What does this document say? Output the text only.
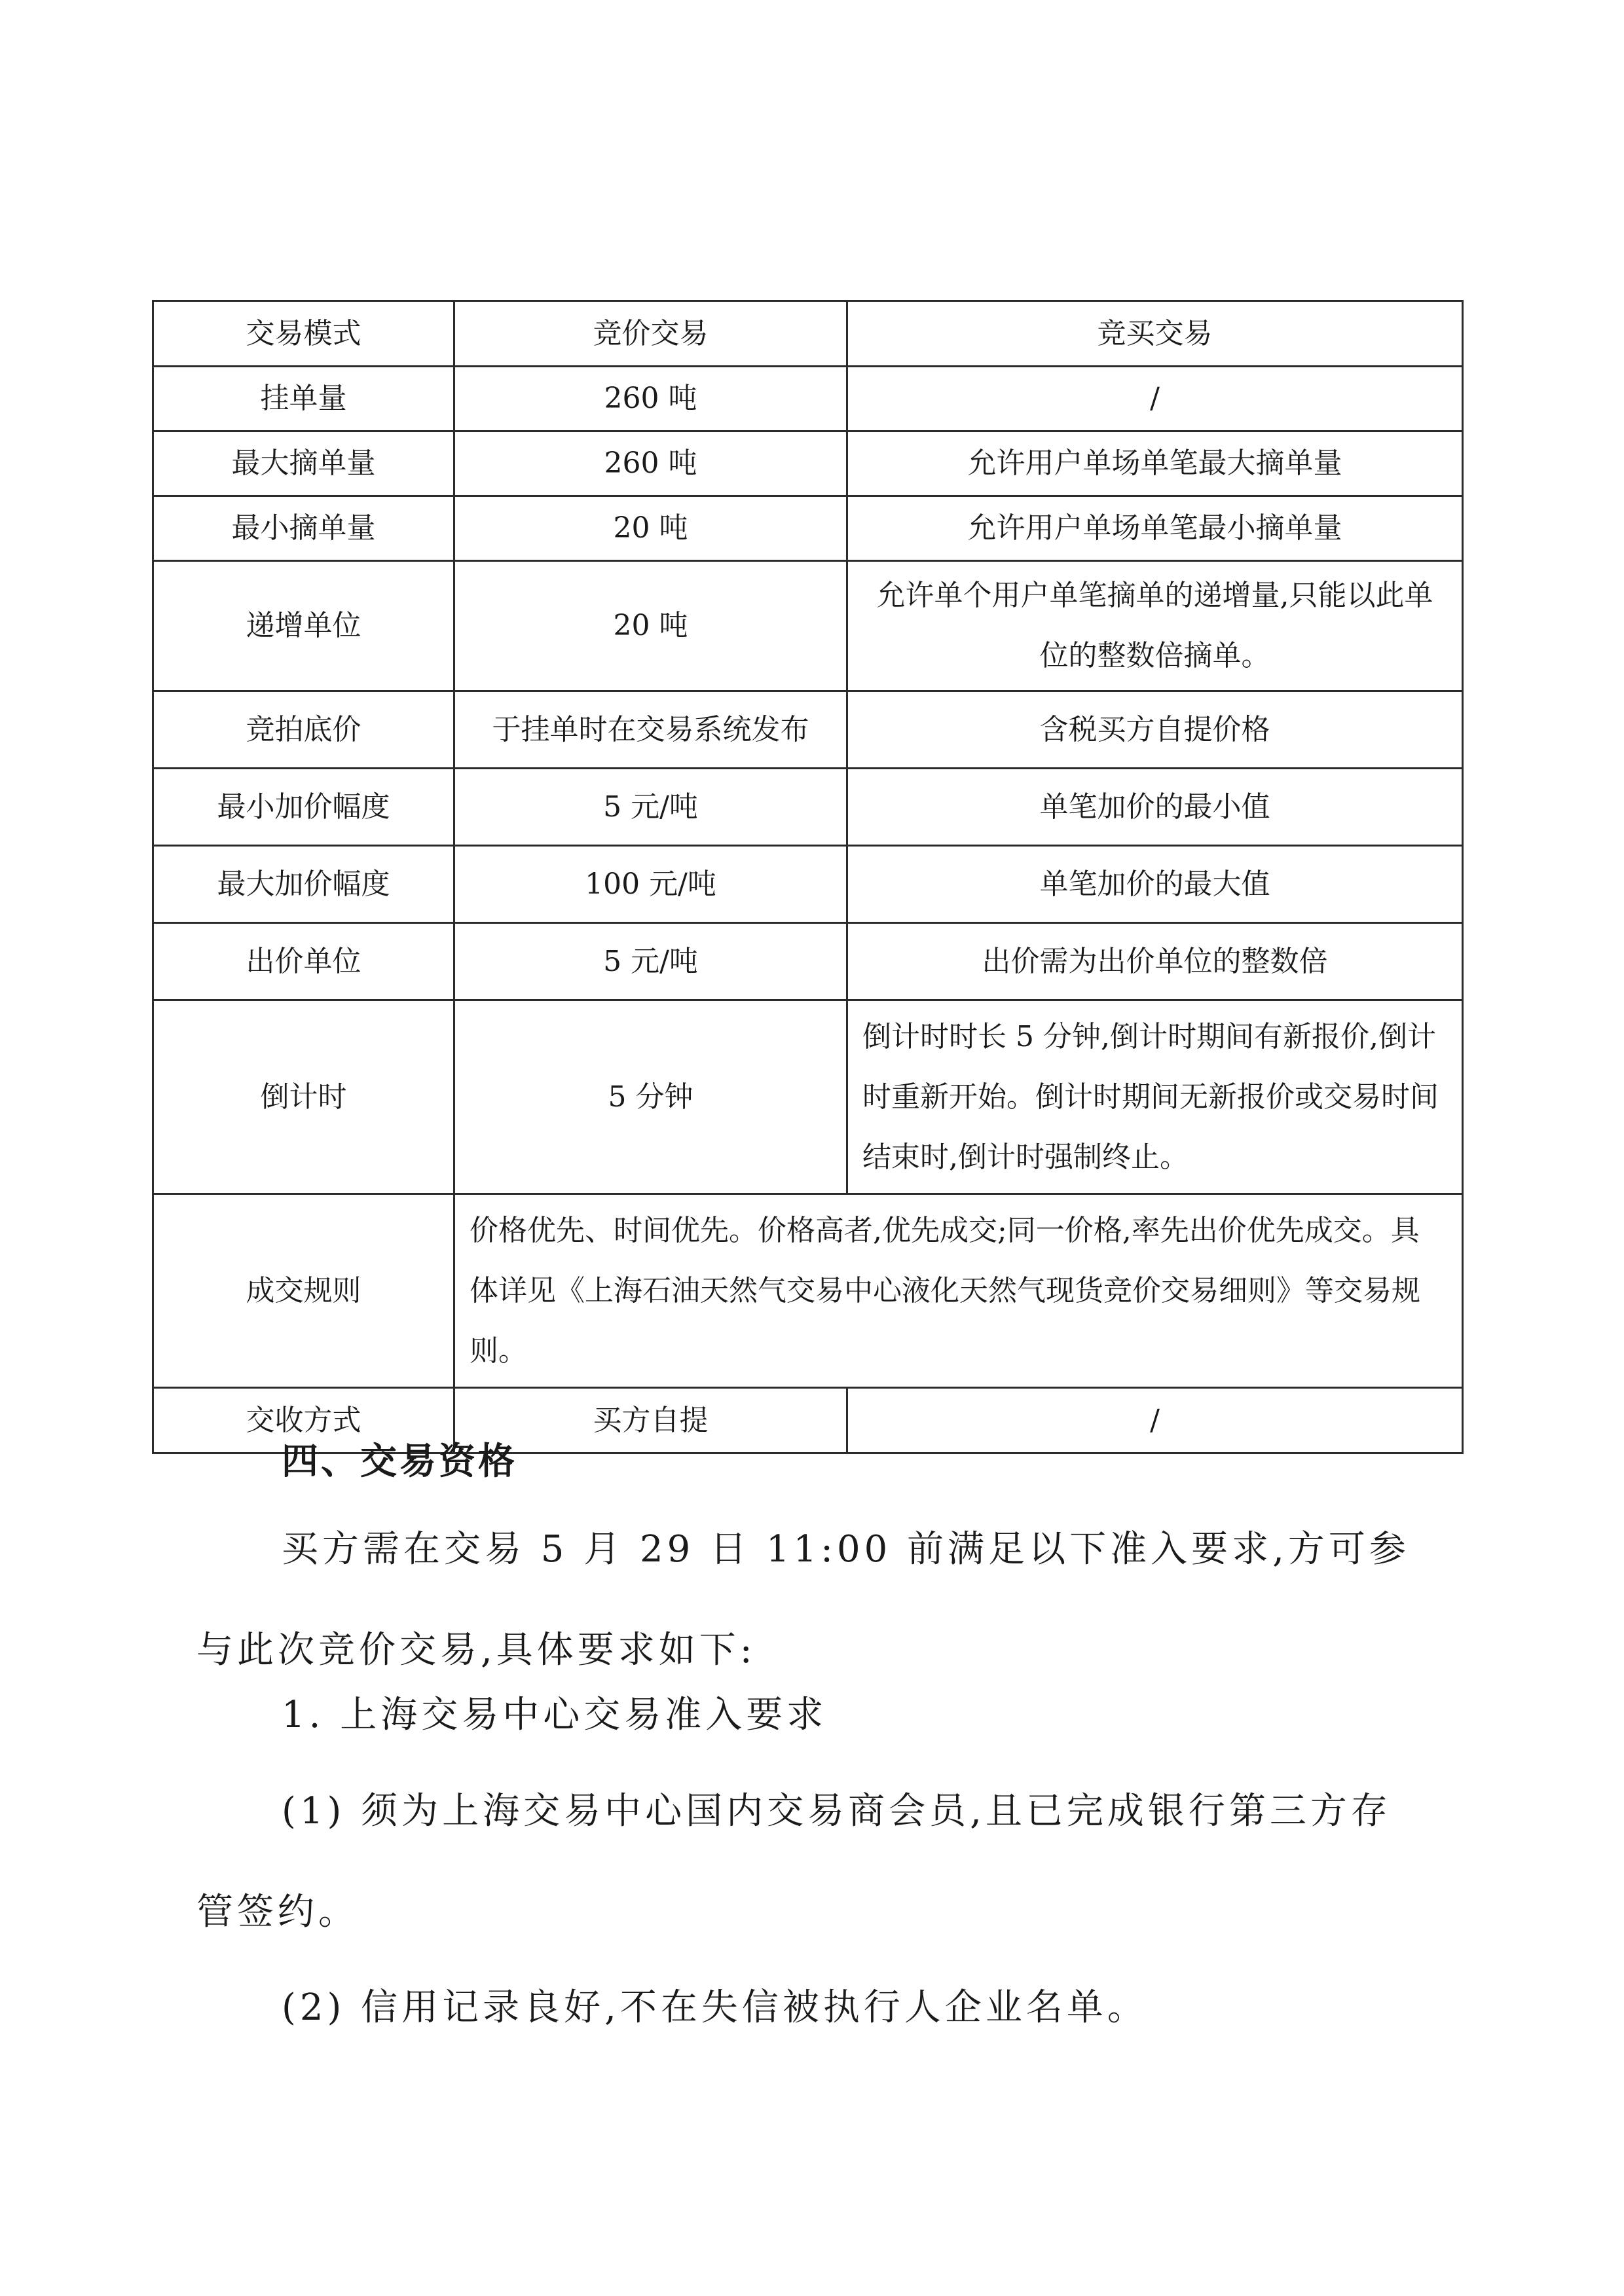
交易模式	竞价交易	竞买交易
挂单量	260 吨	/
最大摘单量	260 吨	允许用户单场单笔最大摘单量
最小摘单量	20 吨	允许用户单场单笔最小摘单量
递增单位	20 吨	允许单个用户单笔摘单的递增量,只能以此单位的整数倍摘单。
竞拍底价	于挂单时在交易系统发布	含税买方自提价格
最小加价幅度	5 元/吨	单笔加价的最小值
最大加价幅度	100 元/吨	单笔加价的最大值
出价单位	5 元/吨	出价需为出价单位的整数倍
倒计时	5 分钟	倒计时时长 5 分钟,倒计时期间有新报价,倒计时重新开始。倒计时期间无新报价或交易时间结束时,倒计时强制终止。
成交规则	价格优先、时间优先。价格高者,优先成交;同一价格,率先出价优先成交。具体详见《上海石油天然气交易中心液化天然气现货竞价交易细则》等交易规则。	
交收方式	买方自提	/
四、交易资格
买方需在交易 5 月 29 日 11:00 前满足以下准入要求,方可参与此次竞价交易,具体要求如下:
1. 上海交易中心交易准入要求
(1) 须为上海交易中心国内交易商会员,且已完成银行第三方存管签约。
(2) 信用记录良好,不在失信被执行人企业名单。
